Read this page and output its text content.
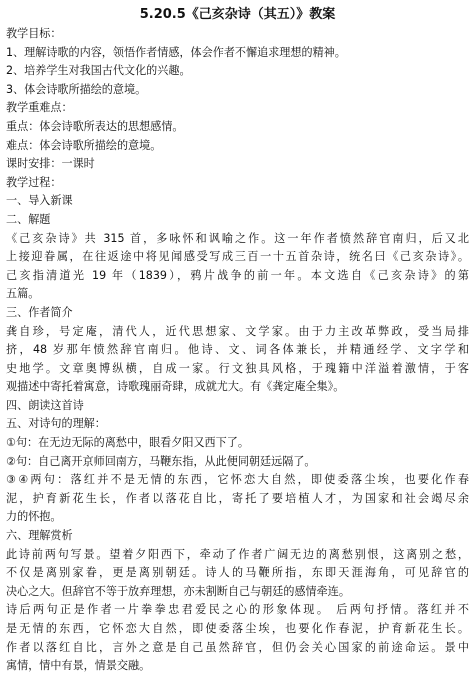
5.20.5《己亥杂诗（其五）》教案
教学目标：
1、理解诗歌的内容，领悟作者情感，体会作者不懈追求理想的精神。
2、培养学生对我国古代文化的兴趣。
3、体会诗歌所描绘的意境。
教学重难点：
重点：体会诗歌所表达的思想感情。
难点：体会诗歌所描绘的意境。
课时安排：一课时
教学过程：
一、导入新课
二、解题
《己亥杂诗》共 315 首，多咏怀和讽喻之作。这一年作者愤然辞官南归，后又北
上接迎眷属，在往返途中将见闻感受写成三百一十五首杂诗，统名曰《己亥杂诗》。
己亥指清道光 19 年（1839），鸦片战争的前一年。本文选自《己亥杂诗》的第
五篇。
三、作者简介
龚自珍，号定庵，清代人，近代思想家、文学家。由于力主改革弊政，受当局排
挤，48 岁那年愤然辞官南归。他诗、文、词各体兼长，并精通经学、文字学和
史地学。文章奥博纵横，自成一家。行文独具风格，于瑰籍中洋溢着激情，于客
观描述中寄托着寓意，诗歌瑰丽奇肆，成就尤大。有《龚定庵全集》。
四、朗读这首诗
五、对诗句的理解：
①句：在无边无际的离愁中，眼看夕阳又西下了。
②句：自己离开京师回南方，马鞭东指，从此便同朝廷远隔了。
③④两句：落红并不是无情的东西，它怀恋大自然，即使委落尘埃，也要化作春
泥，护育新花生长，作者以落花自比，寄托了要培植人才，为国家和社会竭尽余
力的怀抱。
六、理解赏析
此诗前两句写景。望着夕阳西下，牵动了作者广阔无边的离愁别恨，这离别之愁，
不仅是离别家眷，更是离别朝廷。诗人的马鞭所指，东即天涯海角，可见辞官的
决心之大。但辞官不等于放弃理想，亦未割断自己与朝廷的感情牵连。
诗后两句正是作者一片拳拳忠君爱民之心的形象体现。 后两句抒情。落红并不
是无情的东西，它怀恋大自然，即使委落尘埃，也要化作春泥，护育新花生长。
作者以落红自比，言外之意是自己虽然辞官，但仍会关心国家的前途命运。景中
寓情，情中有景，情景交融。
